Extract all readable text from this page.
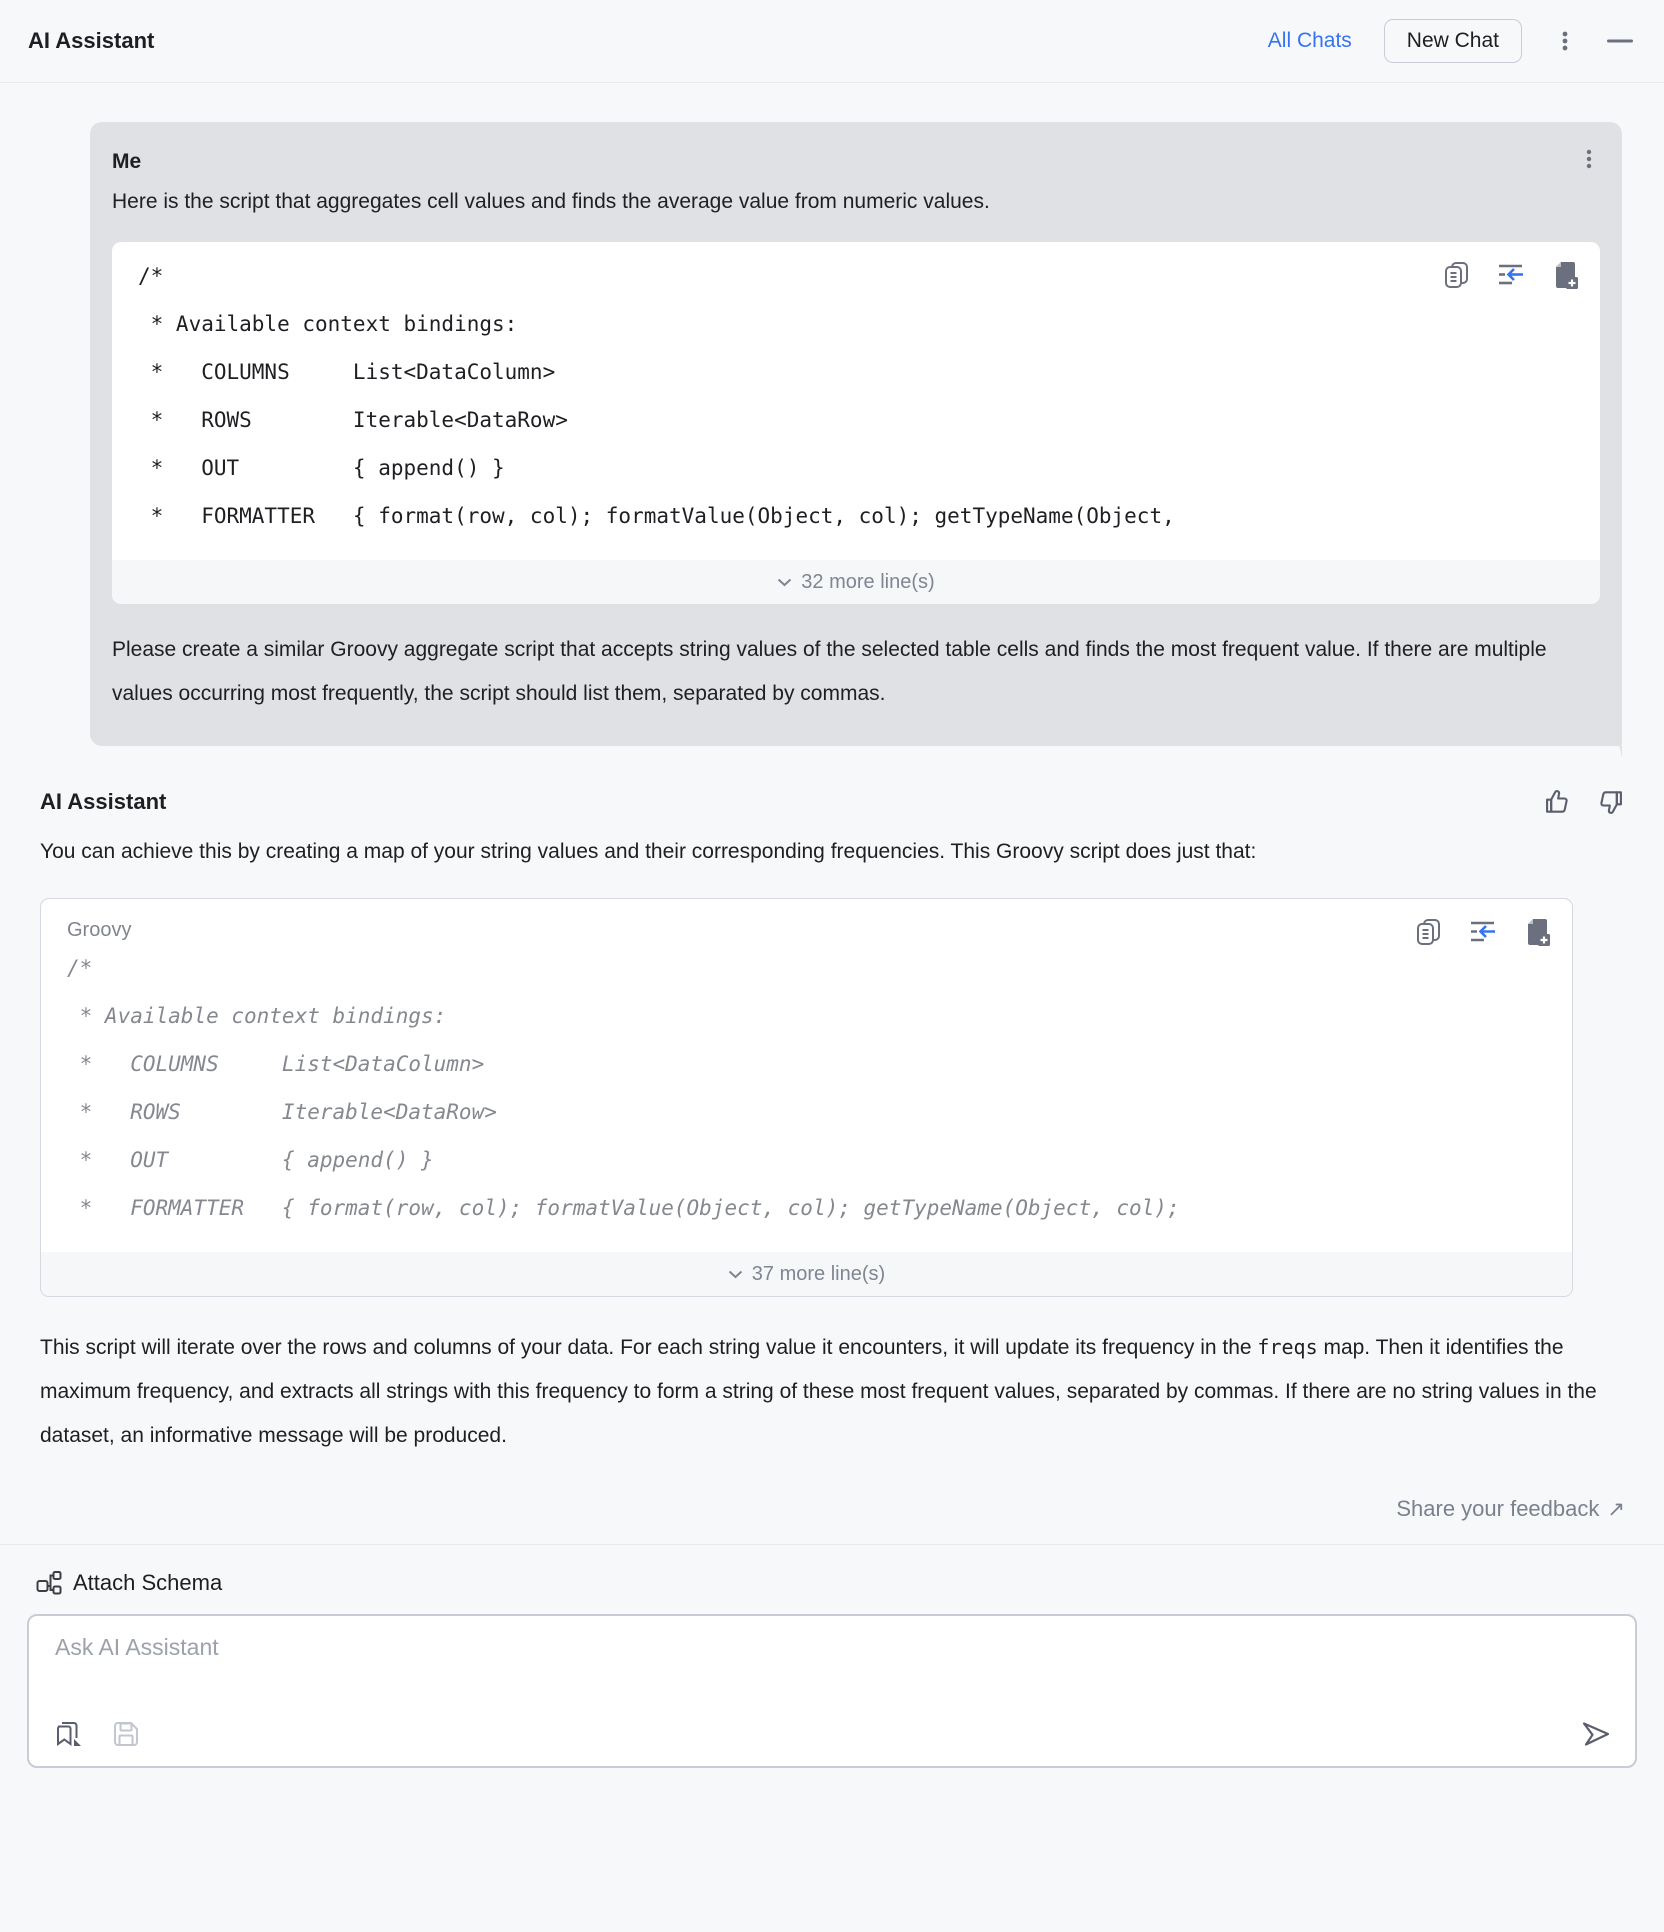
AI Assistant	All Chats	New Chat
Me
Here is the script that aggregates cell values and finds the average value from numeric values.
/*
* Available context bindings:
*   COLUMNS     List<DataColumn>
*   ROWS        Iterable<DataRow>
*   OUT         { append() }
*   FORMATTER   { format(row, col); formatValue(Object, col); getTypeName(Object,
32 more line(s)
Please create a similar Groovy aggregate script that accepts string values of the selected table cells and finds the most frequent value. If there are multiple values occurring most frequently, the script should list them, separated by commas.
AI Assistant
You can achieve this by creating a map of your string values and their corresponding frequencies. This Groovy script does just that:
Groovy
/*
* Available context bindings:
*   COLUMNS     List<DataColumn>
*   ROWS        Iterable<DataRow>
*   OUT         { append() }
*   FORMATTER   { format(row, col); formatValue(Object, col); getTypeName(Object, col);
37 more line(s)
This script will iterate over the rows and columns of your data. For each string value it encounters, it will update its frequency in the freqs map. Then it identifies the maximum frequency, and extracts all strings with this frequency to form a string of these most frequent values, separated by commas. If there are no string values in the dataset, an informative message will be produced.
Share your feedback ↗
Attach Schema
Ask AI Assistant
